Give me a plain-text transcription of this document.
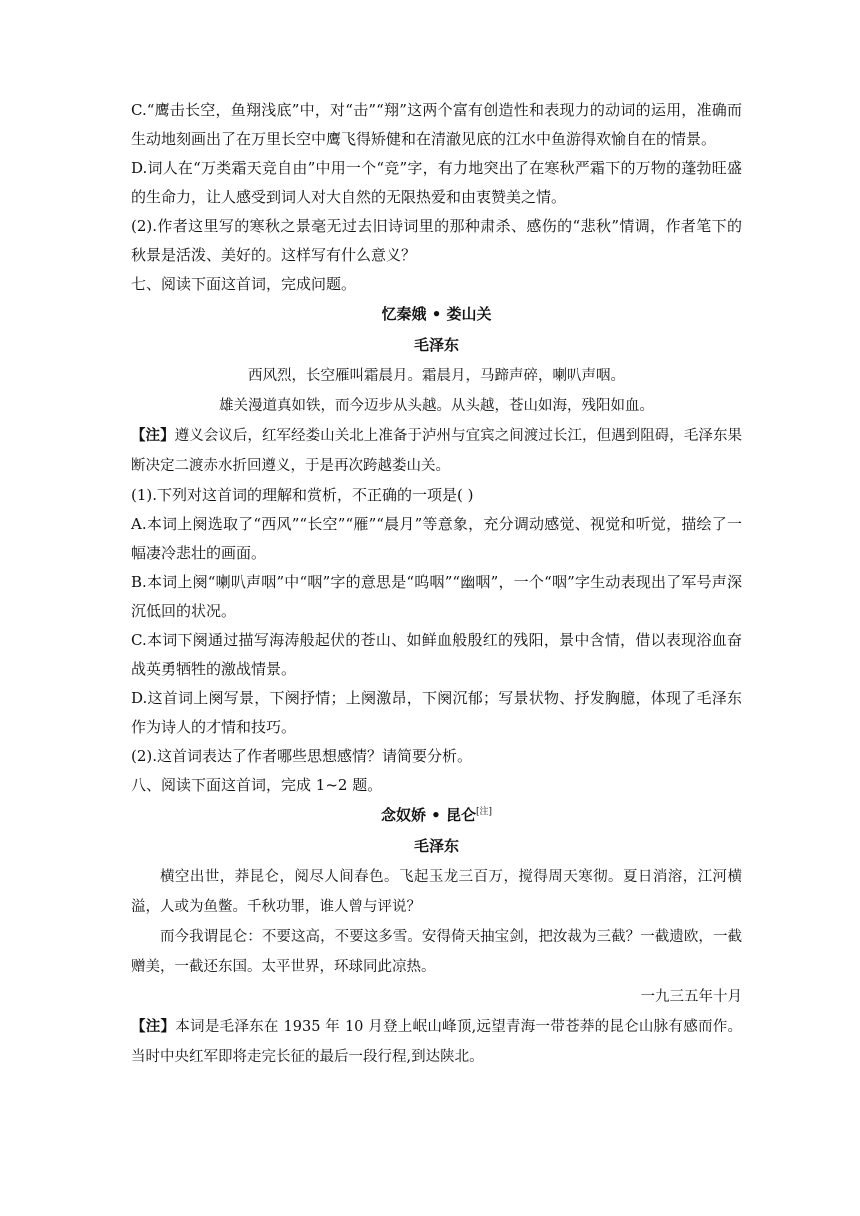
C.“鹰击长空，鱼翔浅底”中，对“击”“翔”这两个富有创造性和表现力的动词的运用，准确而生动地刻画出了在万里长空中鹰飞得矫健和在清澈见底的江水中鱼游得欢愉自在的情景。

D.词人在“万类霜天竞自由”中用一个“竞”字，有力地突出了在寒秋严霜下的万物的蓬勃旺盛的生命力，让人感受到词人对大自然的无限热爱和由衷赞美之情。

(2).作者这里写的寒秋之景毫无过去旧诗词里的那种肃杀、感伤的“悲秋”情调，作者笔下的秋景是活泼、美好的。这样写有什么意义？

七、阅读下面这首词，完成问题。

忆秦娥 • 娄山关

毛泽东

西风烈，长空雁叫霜晨月。霜晨月，马蹄声碎，喇叭声咽。

雄关漫道真如铁，而今迈步从头越。从头越，苍山如海，残阳如血。

【注】遵义会议后，红军经娄山关北上准备于泸州与宜宾之间渡过长江，但遇到阻碍，毛泽东果断决定二渡赤水折回遵义，于是再次跨越娄山关。

(1).下列对这首词的理解和赏析，不正确的一项是( )

A.本词上阕选取了“西风”“长空”“雁”“晨月”等意象，充分调动感觉、视觉和听觉，描绘了一幅凄冷悲壮的画面。

B.本词上阕“喇叭声咽”中“咽”字的意思是“呜咽”“幽咽”，一个“咽”字生动表现出了军号声深沉低回的状况。

C.本词下阕通过描写海涛般起伏的苍山、如鲜血般殷红的残阳，景中含情，借以表现浴血奋战英勇牺牲的激战情景。

D.这首词上阕写景，下阕抒情；上阕激昂，下阕沉郁；写景状物、抒发胸臆，体现了毛泽东作为诗人的才情和技巧。

(2).这首词表达了作者哪些思想感情？请简要分析。

八、阅读下面这首词，完成 1~2 题。

念奴娇 • 昆仑[注]

毛泽东

横空出世，莽昆仑，阅尽人间春色。飞起玉龙三百万，搅得周天寒彻。夏日消溶，江河横溢，人或为鱼鳖。千秋功罪，谁人曾与评说？

而今我谓昆仑：不要这高，不要这多雪。安得倚天抽宝剑，把汝裁为三截？一截遗欧，一截赠美，一截还东国。太平世界，环球同此凉热。

一九三五年十月

【注】本词是毛泽东在 1935 年 10 月登上岷山峰顶,远望青海一带苍莽的昆仑山脉有感而作。当时中央红军即将走完长征的最后一段行程,到达陕北。
